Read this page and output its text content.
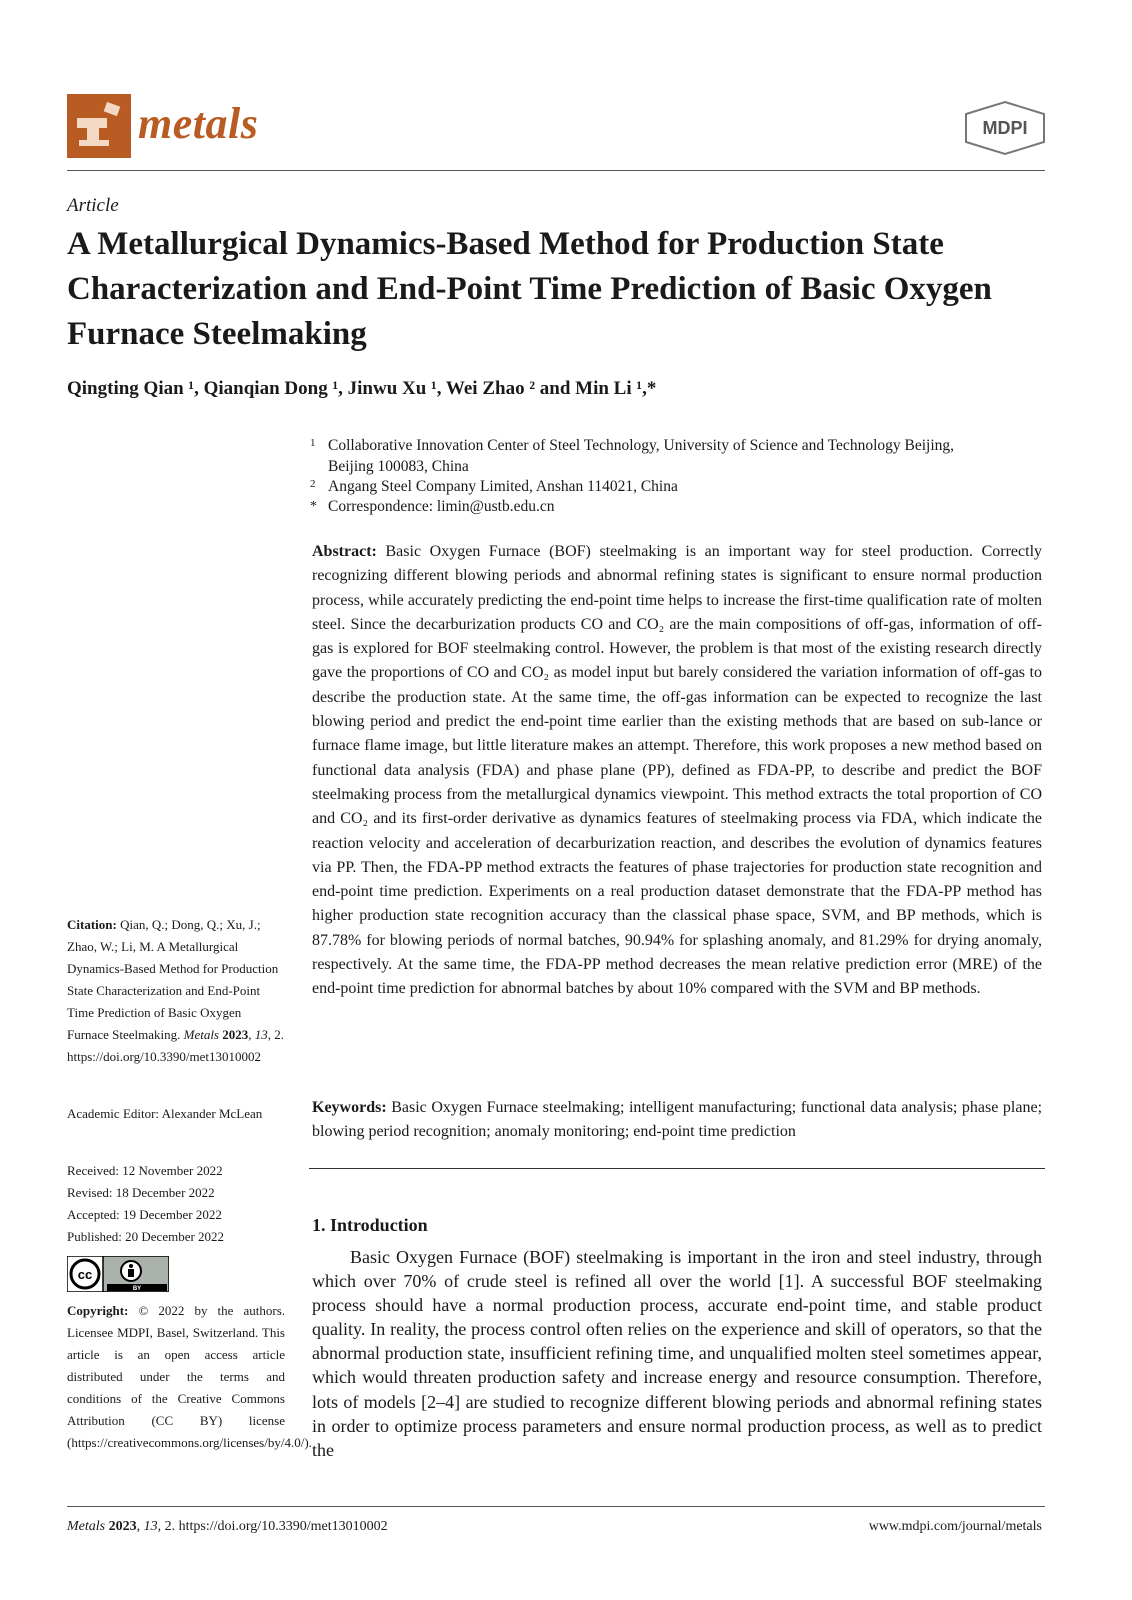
metals	MDPI
Article
A Metallurgical Dynamics-Based Method for Production State Characterization and End-Point Time Prediction of Basic Oxygen Furnace Steelmaking
Qingting Qian ¹, Qianqian Dong ¹, Jinwu Xu ¹, Wei Zhao ² and Min Li ¹,*
1 Collaborative Innovation Center of Steel Technology, University of Science and Technology Beijing,
Beijing 100083, China
2 Angang Steel Company Limited, Anshan 114021, China
* Correspondence: limin@ustb.edu.cn
Abstract: Basic Oxygen Furnace (BOF) steelmaking is an important way for steel production. Correctly recognizing different blowing periods and abnormal refining states is significant to ensure normal production process, while accurately predicting the end-point time helps to increase the first-time qualification rate of molten steel. Since the decarburization products CO and CO₂ are the main compositions of off-gas, information of off-gas is explored for BOF steelmaking control. However, the problem is that most of the existing research directly gave the proportions of CO and CO₂ as model input but barely considered the variation information of off-gas to describe the production state. At the same time, the off-gas information can be expected to recognize the last blowing period and predict the end-point time earlier than the existing methods that are based on sub-lance or furnace flame image, but little literature makes an attempt. Therefore, this work proposes a new method based on functional data analysis (FDA) and phase plane (PP), defined as FDA-PP, to describe and predict the BOF steelmaking process from the metallurgical dynamics viewpoint. This method extracts the total proportion of CO and CO₂ and its first-order derivative as dynamics features of steelmaking process via FDA, which indicate the reaction velocity and acceleration of decarburization reaction, and describes the evolution of dynamics features via PP. Then, the FDA-PP method extracts the features of phase trajectories for production state recognition and end-point time prediction. Experiments on a real production dataset demonstrate that the FDA-PP method has higher production state recognition accuracy than the classical phase space, SVM, and BP methods, which is 87.78% for blowing periods of normal batches, 90.94% for splashing anomaly, and 81.29% for drying anomaly, respectively. At the same time, the FDA-PP method decreases the mean relative prediction error (MRE) of the end-point time prediction for abnormal batches by about 10% compared with the SVM and BP methods.
Keywords: Basic Oxygen Furnace steelmaking; intelligent manufacturing; functional data analysis; phase plane; blowing period recognition; anomaly monitoring; end-point time prediction
1. Introduction
Basic Oxygen Furnace (BOF) steelmaking is important in the iron and steel industry, through which over 70% of crude steel is refined all over the world [1]. A successful BOF steelmaking process should have a normal production process, accurate end-point time, and stable product quality. In reality, the process control often relies on the experience and skill of operators, so that the abnormal production state, insufficient refining time, and unqualified molten steel sometimes appear, which would threaten production safety and increase energy and resource consumption. Therefore, lots of models [2–4] are studied to recognize different blowing periods and abnormal refining states in order to optimize process parameters and ensure normal production process, as well as to predict the
Citation: Qian, Q.; Dong, Q.; Xu, J.; Zhao, W.; Li, M. A Metallurgical Dynamics-Based Method for Production State Characterization and End-Point Time Prediction of Basic Oxygen Furnace Steelmaking. Metals 2023, 13, 2. https://doi.org/10.3390/met13010002
Academic Editor: Alexander McLean
Received: 12 November 2022
Revised: 18 December 2022
Accepted: 19 December 2022
Published: 20 December 2022
cc
BY
Copyright: © 2022 by the authors. Licensee MDPI, Basel, Switzerland. This article is an open access article distributed under the terms and conditions of the Creative Commons Attribution (CC BY) license (https://creativecommons.org/licenses/by/4.0/).
Metals 2023, 13, 2. https://doi.org/10.3390/met13010002	www.mdpi.com/journal/metals
